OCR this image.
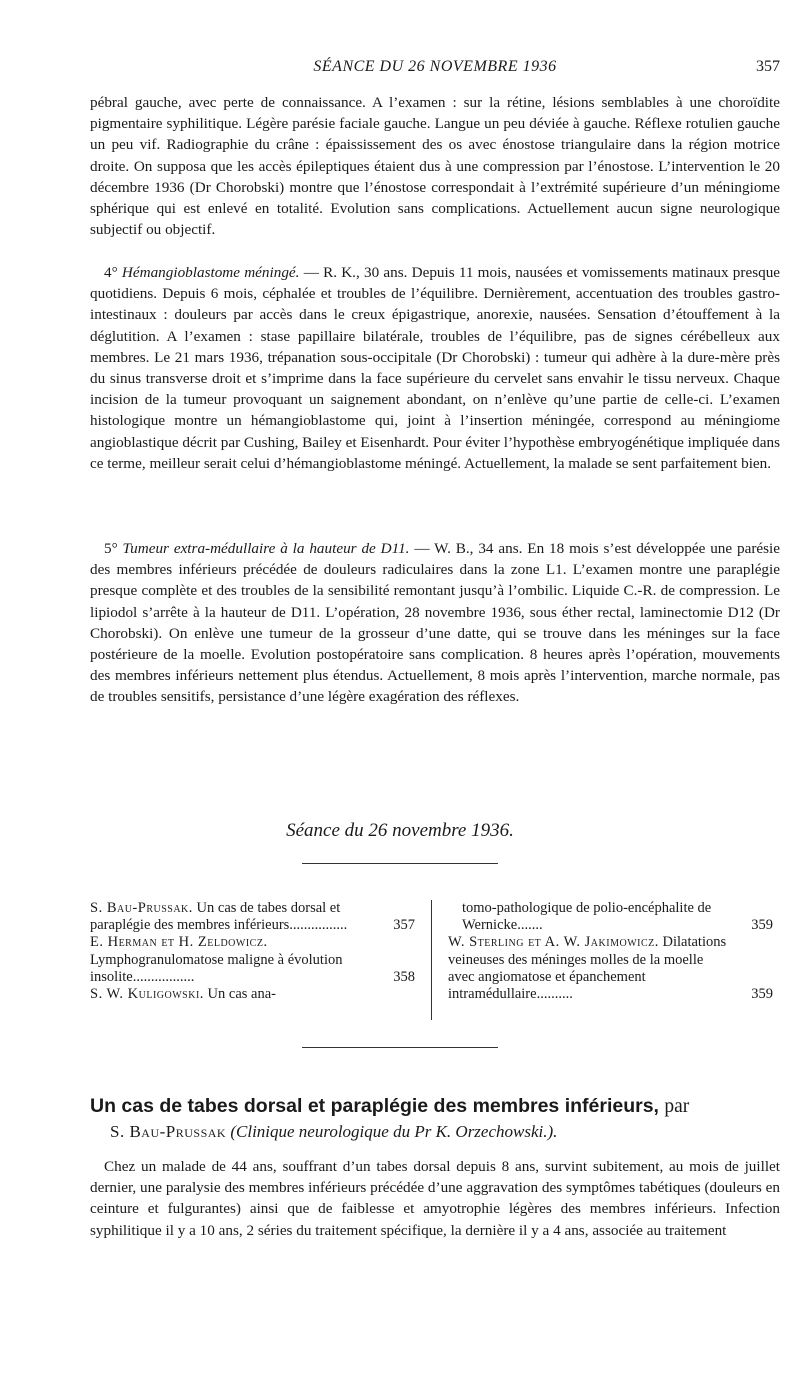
SÉANCE DU 26 NOVEMBRE 1936	357

pébral gauche, avec perte de connaissance. A l’examen : sur la rétine, lésions semblables à une choroïdite pigmentaire syphilitique. Légère parésie faciale gauche. Langue un peu déviée à gauche. Réflexe rotulien gauche un peu vif. Radiographie du crâne : épaississement des os avec énostose triangulaire dans la région motrice droite. On supposa que les accès épileptiques étaient dus à une compression par l’énostose. L’intervention le 20 décembre 1936 (Dr Chorobski) montre que l’énostose correspondait à l’extrémité supérieure d’un méningiome sphérique qui est enlevé en totalité. Evolution sans complications. Actuellement aucun signe neurologique subjectif ou objectif.

4° Hémangioblastome méningé. — R. K., 30 ans. Depuis 11 mois, nausées et vomissements matinaux presque quotidiens. Depuis 6 mois, céphalée et troubles de l’équilibre. Dernièrement, accentuation des troubles gastro-intestinaux : douleurs par accès dans le creux épigastrique, anorexie, nausées. Sensation d’étouffement à la déglutition. A l’examen : stase papillaire bilatérale, troubles de l’équilibre, pas de signes cérébelleux aux membres. Le 21 mars 1936, trépanation sous-occipitale (Dr Chorobski) : tumeur qui adhère à la dure-mère près du sinus transverse droit et s’imprime dans la face supérieure du cervelet sans envahir le tissu nerveux. Chaque incision de la tumeur provoquant un saignement abondant, on n’enlève qu’une partie de celle-ci. L’examen histologique montre un hémangioblastome qui, joint à l’insertion méningée, correspond au méningiome angioblastique décrit par Cushing, Bailey et Eisenhardt. Pour éviter l’hypothèse embryogénétique impliquée dans ce terme, meilleur serait celui d’hémangioblastome méningé. Actuellement, la malade se sent parfaitement bien.

5° Tumeur extra-médullaire à la hauteur de D11. — W. B., 34 ans. En 18 mois s’est développée une parésie des membres inférieurs précédée de douleurs radiculaires dans la zone L1. L’examen montre une paraplégie presque complète et des troubles de la sensibilité remontant jusqu’à l’ombilic. Liquide C.-R. de compression. Le lipiodol s’arrête à la hauteur de D11. L’opération, 28 novembre 1936, sous éther rectal, laminectomie D12 (Dr Chorobski). On enlève une tumeur de la grosseur d’une datte, qui se trouve dans les méninges sur la face postérieure de la moelle. Evolution postopératoire sans complication. 8 heures après l’opération, mouvements des membres inférieurs nettement plus étendus. Actuellement, 8 mois après l’intervention, marche normale, pas de troubles sensitifs, persistance d’une légère exagération des réflexes.

Séance du 26 novembre 1936.
S. Bau-Prussak. Un cas de tabes dorsal et paraplégie des membres inférieurs................	357
E. Herman et H. Zeldowicz. Lymphogranulomatose maligne à évolution insolite.................	358
S. W. Kuligowski. Un cas ana-
tomo-pathologique de polio-encéphalite de Wernicke.......	359
W. Sterling et A. W. Jakimowicz. Dilatations veineuses des méninges molles de la moelle avec angiomatose et épanchement intramédullaire..........	359
Un cas de tabes dorsal et paraplégie des membres inférieurs, par
S. Bau-Prussak (Clinique neurologique du Pr K. Orzechowski.).

Chez un malade de 44 ans, souffrant d’un tabes dorsal depuis 8 ans, survint subitement, au mois de juillet dernier, une paralysie des membres inférieurs précédée d’une aggravation des symptômes tabétiques (douleurs en ceinture et fulgurantes) ainsi que de faiblesse et amyotrophie légères des membres inférieurs. Infection syphilitique il y a 10 ans, 2 séries du traitement spécifique, la dernière il y a 4 ans, associée au traitement
